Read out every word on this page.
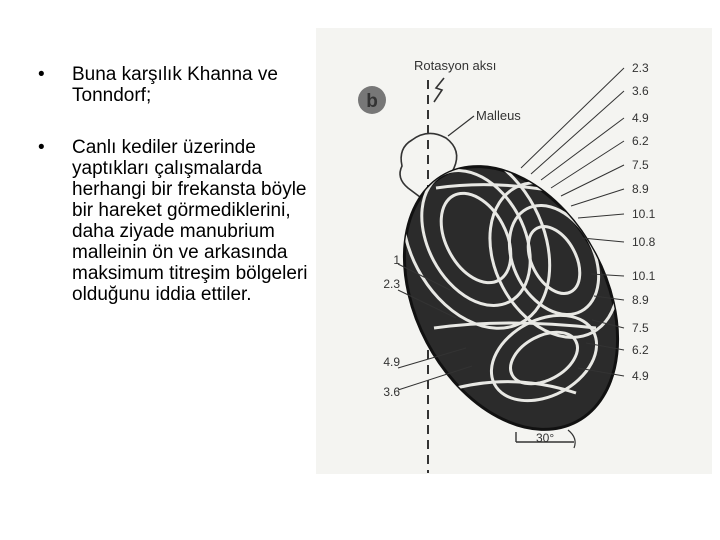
• Buna karşılık Khanna ve Tonndorf;
• Canlı kediler üzerinde yaptıkları çalışmalarda herhangi bir frekansta böyle bir hareket görmediklerini, daha ziyade manubrium malleinin ön ve arkasında maksimum titreşim bölgeleri olduğunu iddia ettiler.
b
Rotasyon aksı
Malleus
2.3
3.6
4.9
6.2
7.5
8.9
10.1
10.8
10.1
8.9
7.5
6.2
4.9
1
2.3
4.9
3.6
30°
